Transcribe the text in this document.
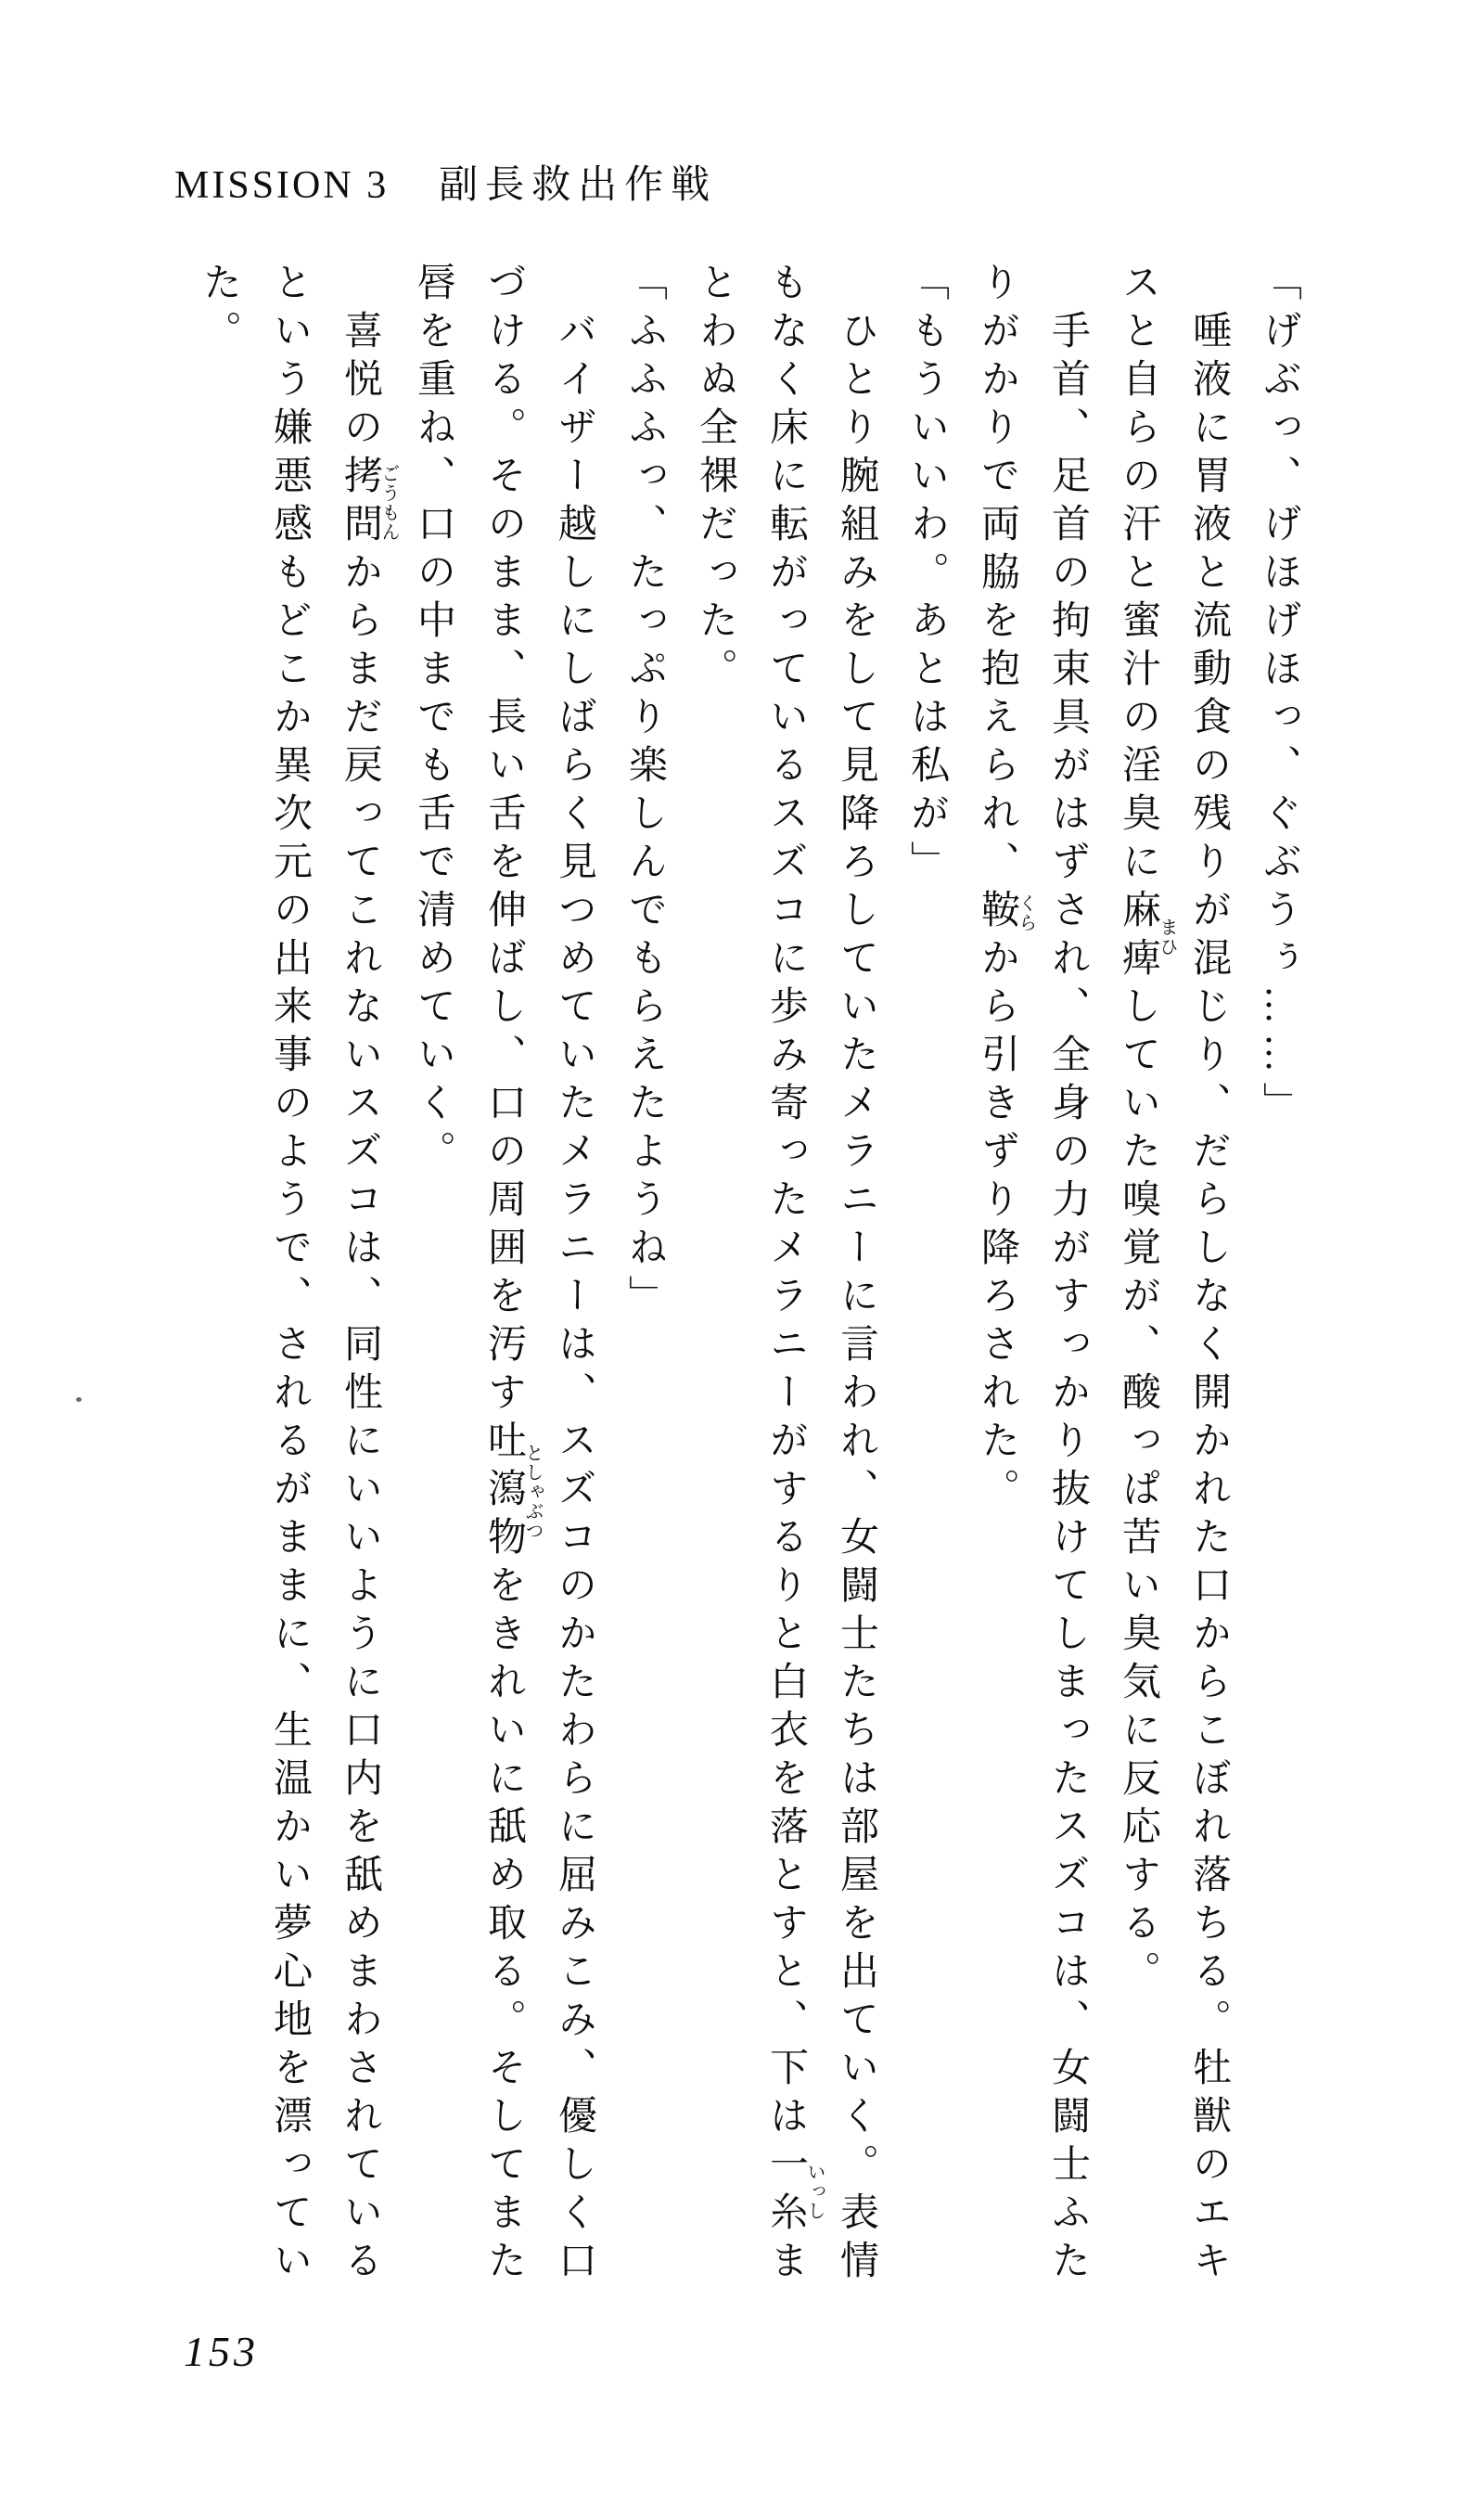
MISSION 3 副長救出作戦

「げぶっ、げほげほっ、ぐぶうぅ……」

唾液に胃液と流動食の残りが混じり、だらしなく開かれた口からこぼれ落ちる。牡獣のエキスと自らの汗と蜜汁の淫臭に麻痺まひしていた嗅覚が、酸っぱ苦い臭気に反応する。

手首、足首の拘束具がはずされ、全身の力がすっかり抜けてしまったスズコは、女闘士ふたりがかりで両脇を抱えられ、鞍くらから引きずり降ろされた。

「もういいわ。あとは私が」

ひとり腕組みをして見降ろしていたメラニーに言われ、女闘士たちは部屋を出ていく。表情もなく床に転がっているスズコに歩み寄ったメラニーがするりと白衣を落とすと、下は一糸いっしまとわぬ全裸だった。

「ふふふっ、たっぷり楽しんでもらえたようね」

バイザー越しにしばらく見つめていたメラニーは、スズコのかたわらに屈みこみ、優しく口づける。そのまま、長い舌を伸ばし、口の周囲を汚す吐瀉物としゃぶつをきれいに舐め取る。そしてまた唇を重ね、口の中までも舌で清めていく。

喜悦の拷問ごうもんからまだ戻ってこれないスズコは、同性にいいように口内を舐めまわされているという嫌悪感もどこか異次元の出来事のようで、されるがままに、生温かい夢心地を漂っていた。

153
